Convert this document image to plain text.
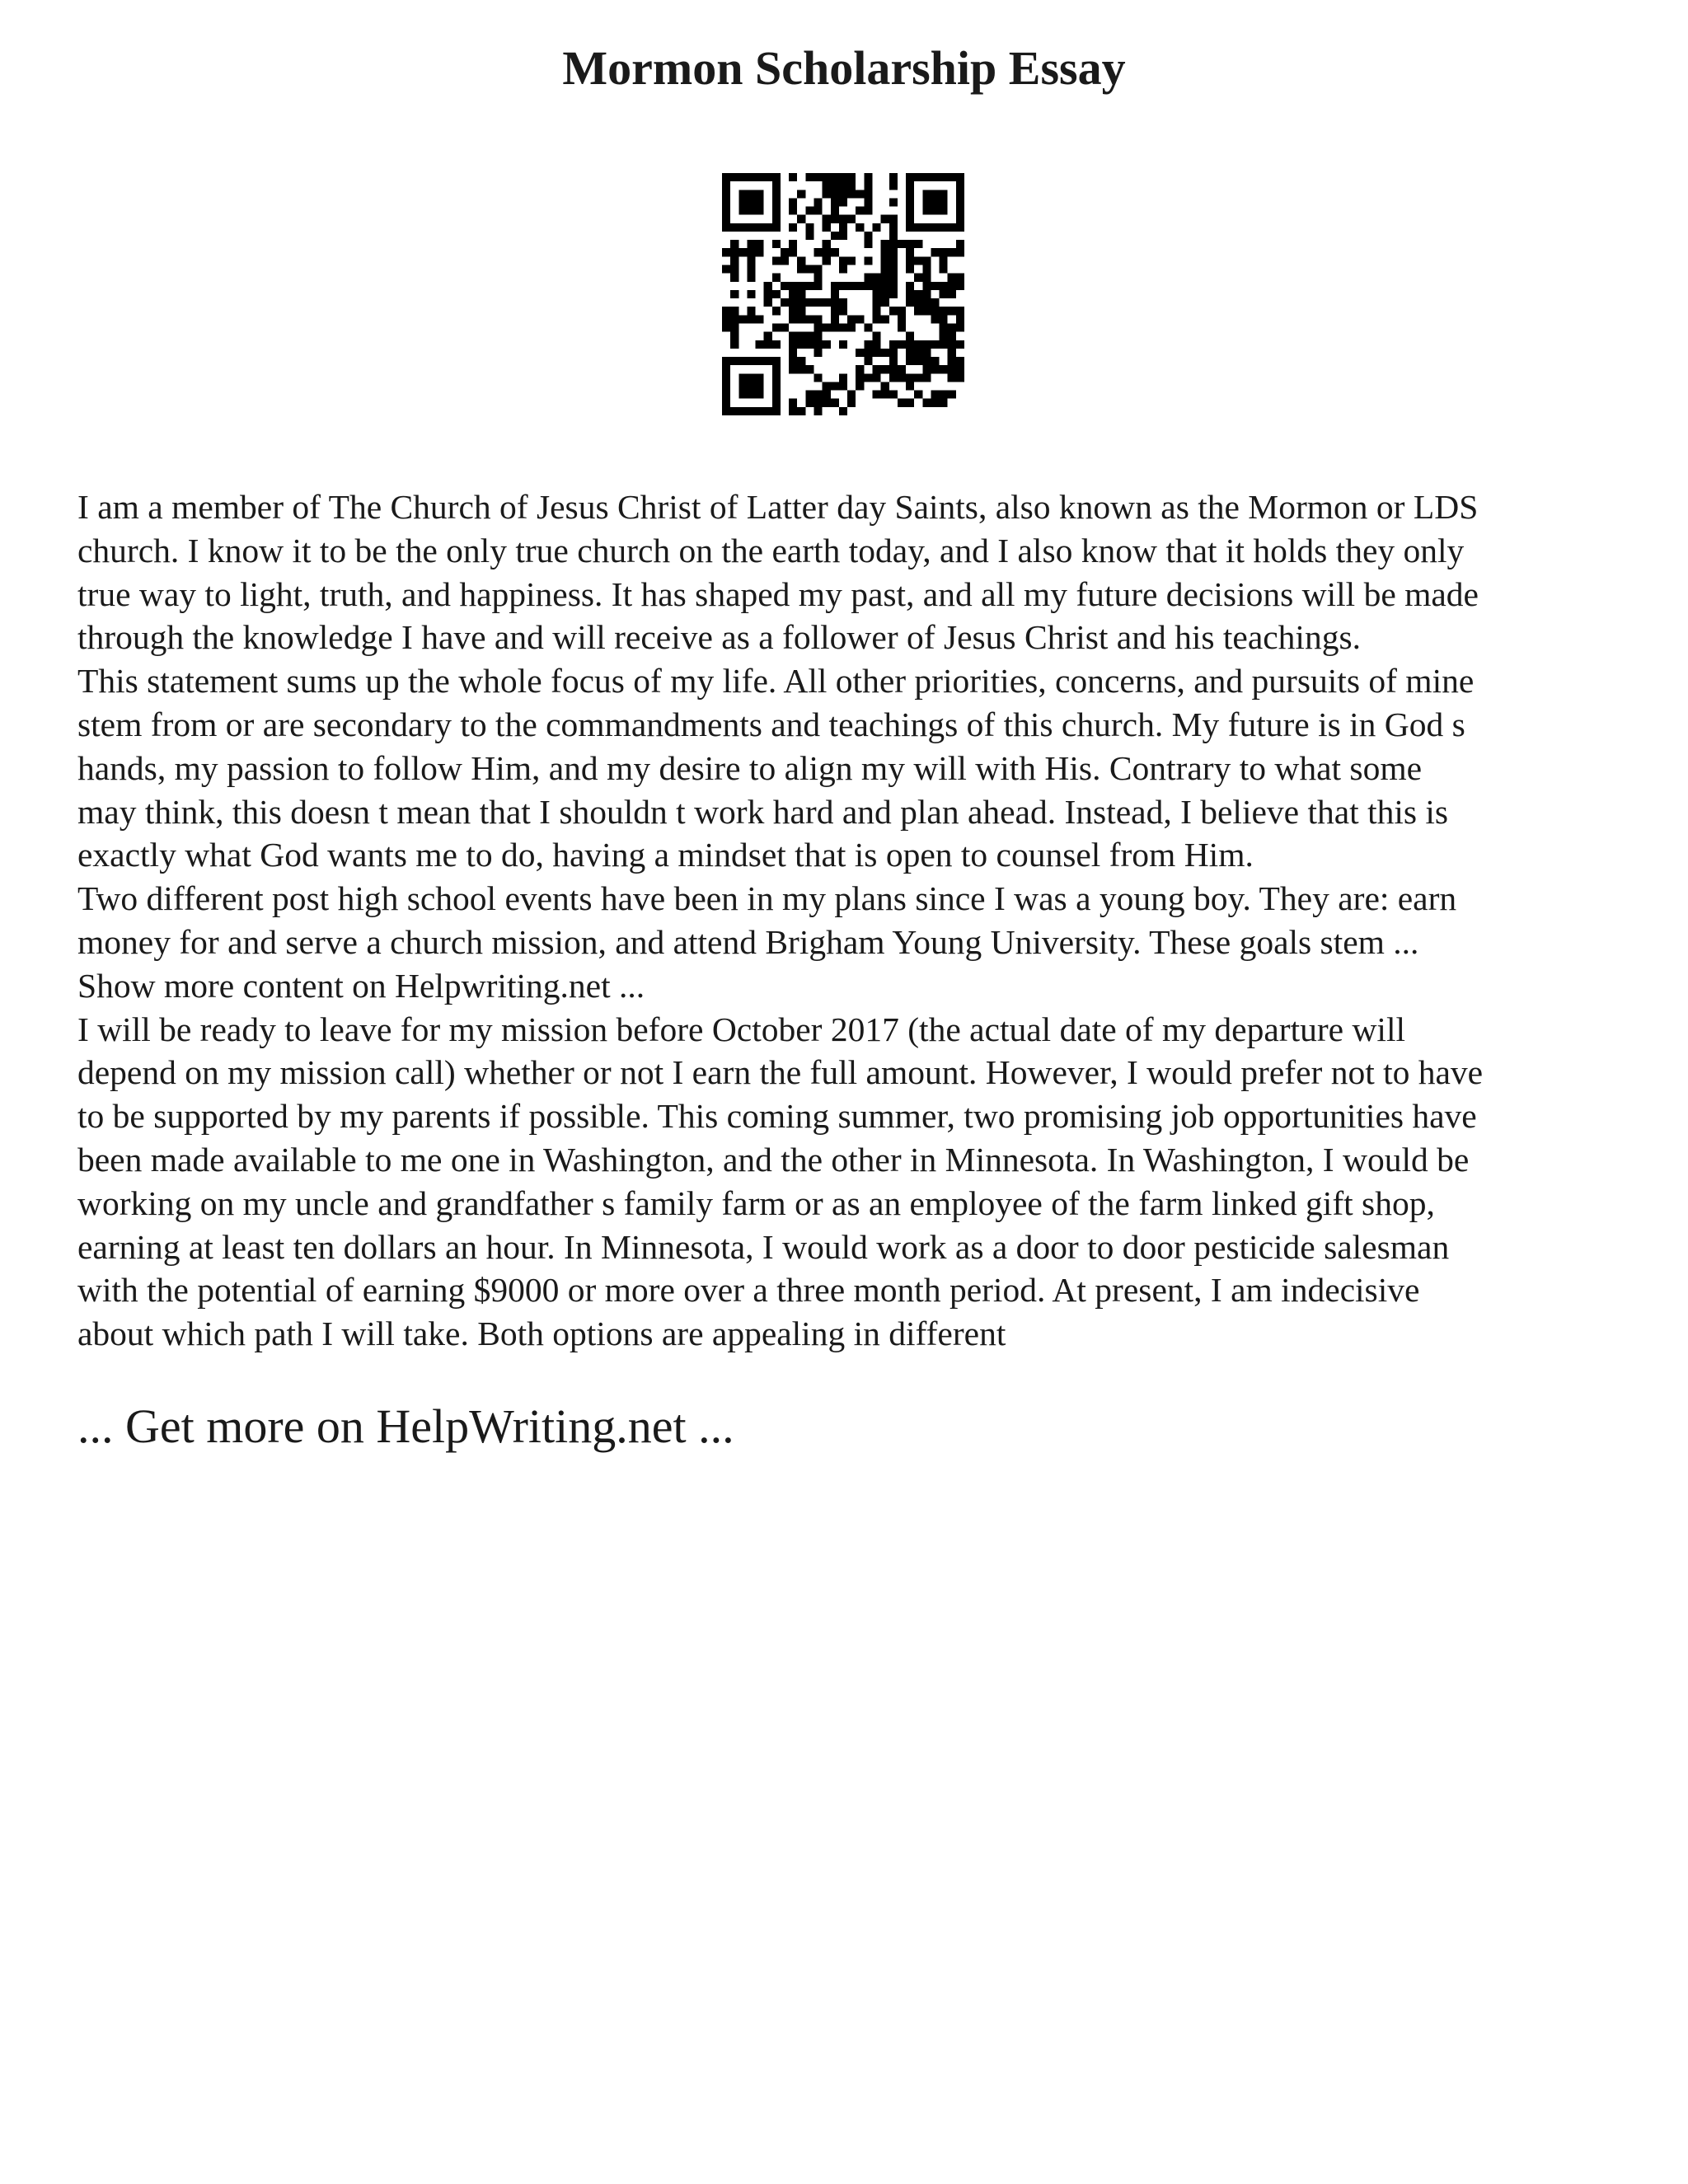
Mormon Scholarship Essay
I am a member of The Church of Jesus Christ of Latter day Saints, also known as the Mormon or LDS
church. I know it to be the only true church on the earth today, and I also know that it holds they only
true way to light, truth, and happiness. It has shaped my past, and all my future decisions will be made
through the knowledge I have and will receive as a follower of Jesus Christ and his teachings.
This statement sums up the whole focus of my life. All other priorities, concerns, and pursuits of mine
stem from or are secondary to the commandments and teachings of this church. My future is in God s
hands, my passion to follow Him, and my desire to align my will with His. Contrary to what some
may think, this doesn t mean that I shouldn t work hard and plan ahead. Instead, I believe that this is
exactly what God wants me to do, having a mindset that is open to counsel from Him.
Two different post high school events have been in my plans since I was a young boy. They are: earn
money for and serve a church mission, and attend Brigham Young University. These goals stem ...
Show more content on Helpwriting.net ...
I will be ready to leave for my mission before October 2017 (the actual date of my departure will
depend on my mission call) whether or not I earn the full amount. However, I would prefer not to have
to be supported by my parents if possible. This coming summer, two promising job opportunities have
been made available to me one in Washington, and the other in Minnesota. In Washington, I would be
working on my uncle and grandfather s family farm or as an employee of the farm linked gift shop,
earning at least ten dollars an hour. In Minnesota, I would work as a door to door pesticide salesman
with the potential of earning $9000 or more over a three month period. At present, I am indecisive
about which path I will take. Both options are appealing in different
... Get more on HelpWriting.net ...
